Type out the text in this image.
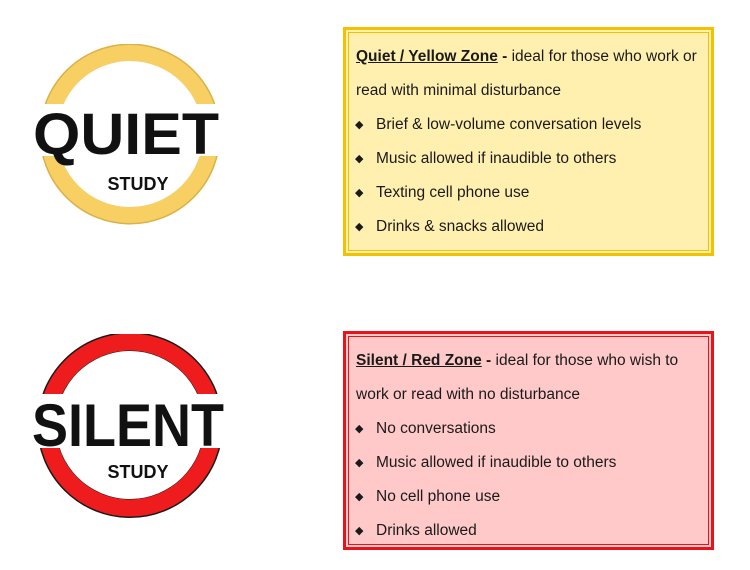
QUIET
STUDY
SILENT
STUDY
Quiet / Yellow Zone - ideal for those who work or read with minimal disturbance
◆ Brief & low-volume conversation levels
◆ Music allowed if inaudible to others
◆ Texting cell phone use
◆ Drinks & snacks allowed
Silent / Red Zone - ideal for those who wish to work or read with no disturbance
◆ No conversations
◆ Music allowed if inaudible to others
◆ No cell phone use
◆ Drinks allowed
